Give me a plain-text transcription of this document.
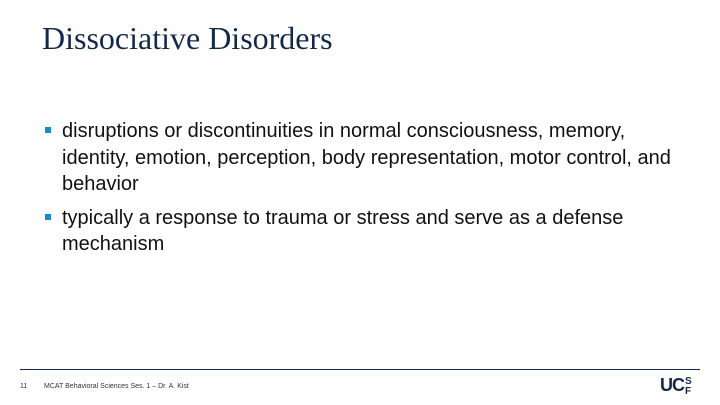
Dissociative Disorders
disruptions or discontinuities in normal consciousness, memory, identity, emotion, perception, body representation, motor control, and behavior
typically a response to trauma or stress and serve as a defense mechanism
11 MCAT Behavioral Sciences Ses. 1 – Dr. A. Kist	UC S
F
